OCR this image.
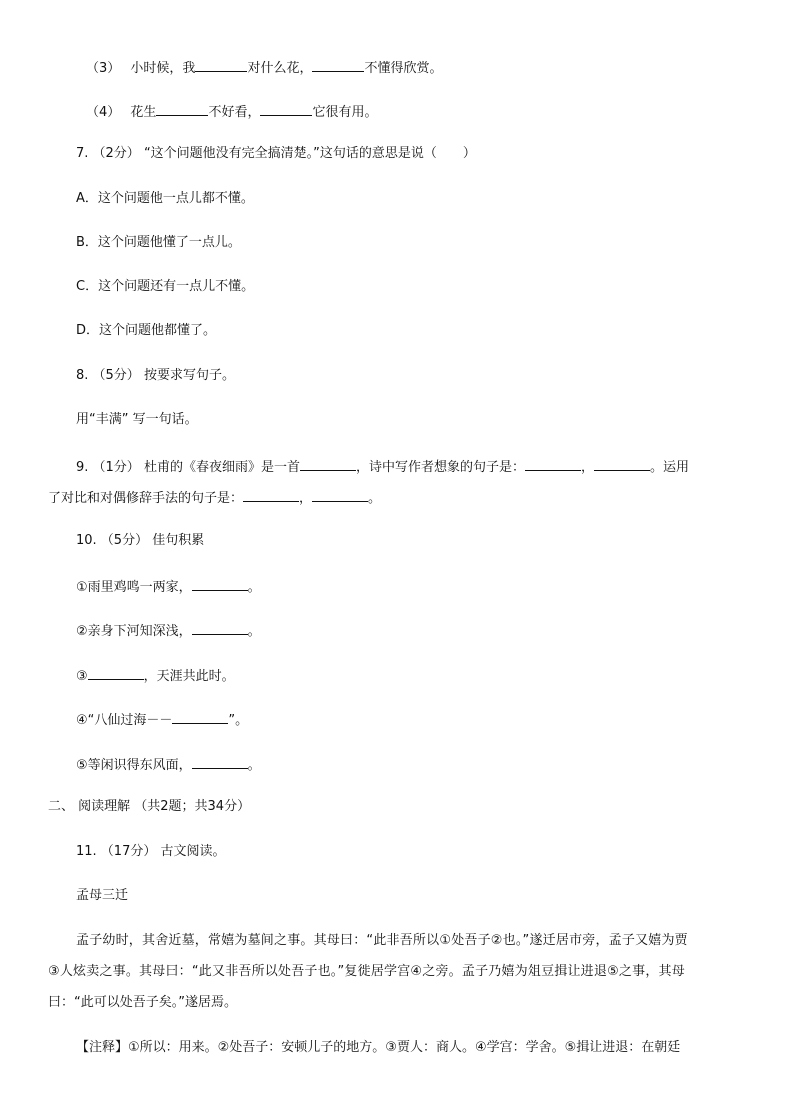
（3） 小时候，我	对什么花，	不懂得欣赏。
（4） 花生	不好看，	它很有用。
7. （2分） “这个问题他没有完全搞清楚。”这句话的意思是说（　　）
A．这个问题他一点儿都不懂。
B．这个问题他懂了一点儿。
C．这个问题还有一点儿不懂。
D．这个问题他都懂了。
8. （5分） 按要求写句子。
用“丰满” 写一句话。
9. （1分） 杜甫的《春夜细雨》是一首	，诗中写作者想象的句子是：	，	。运用
了对比和对偶修辞手法的句子是：	，	。
10. （5分） 佳句积累
①雨里鸡鸣一两家，	。
②亲身下河知深浅，	。
③	，天涯共此时。
④“八仙过海－－	”。
⑤等闲识得东风面，	。
二、 阅读理解 （共2题；共34分）
11. （17分） 古文阅读。
孟母三迁
孟子幼时，其舍近墓，常嬉为墓间之事。其母曰：“此非吾所以①处吾子②也。”遂迁居市旁，孟子又嬉为贾
③人炫卖之事。其母曰：“此又非吾所以处吾子也。”复徙居学宫④之旁。孟子乃嬉为俎豆揖让进退⑤之事，其母
曰：“此可以处吾子矣。”遂居焉。
【注释】①所以：用来。②处吾子：安顿儿子的地方。③贾人：商人。④学宫：学舍。⑤揖让进退：在朝廷
